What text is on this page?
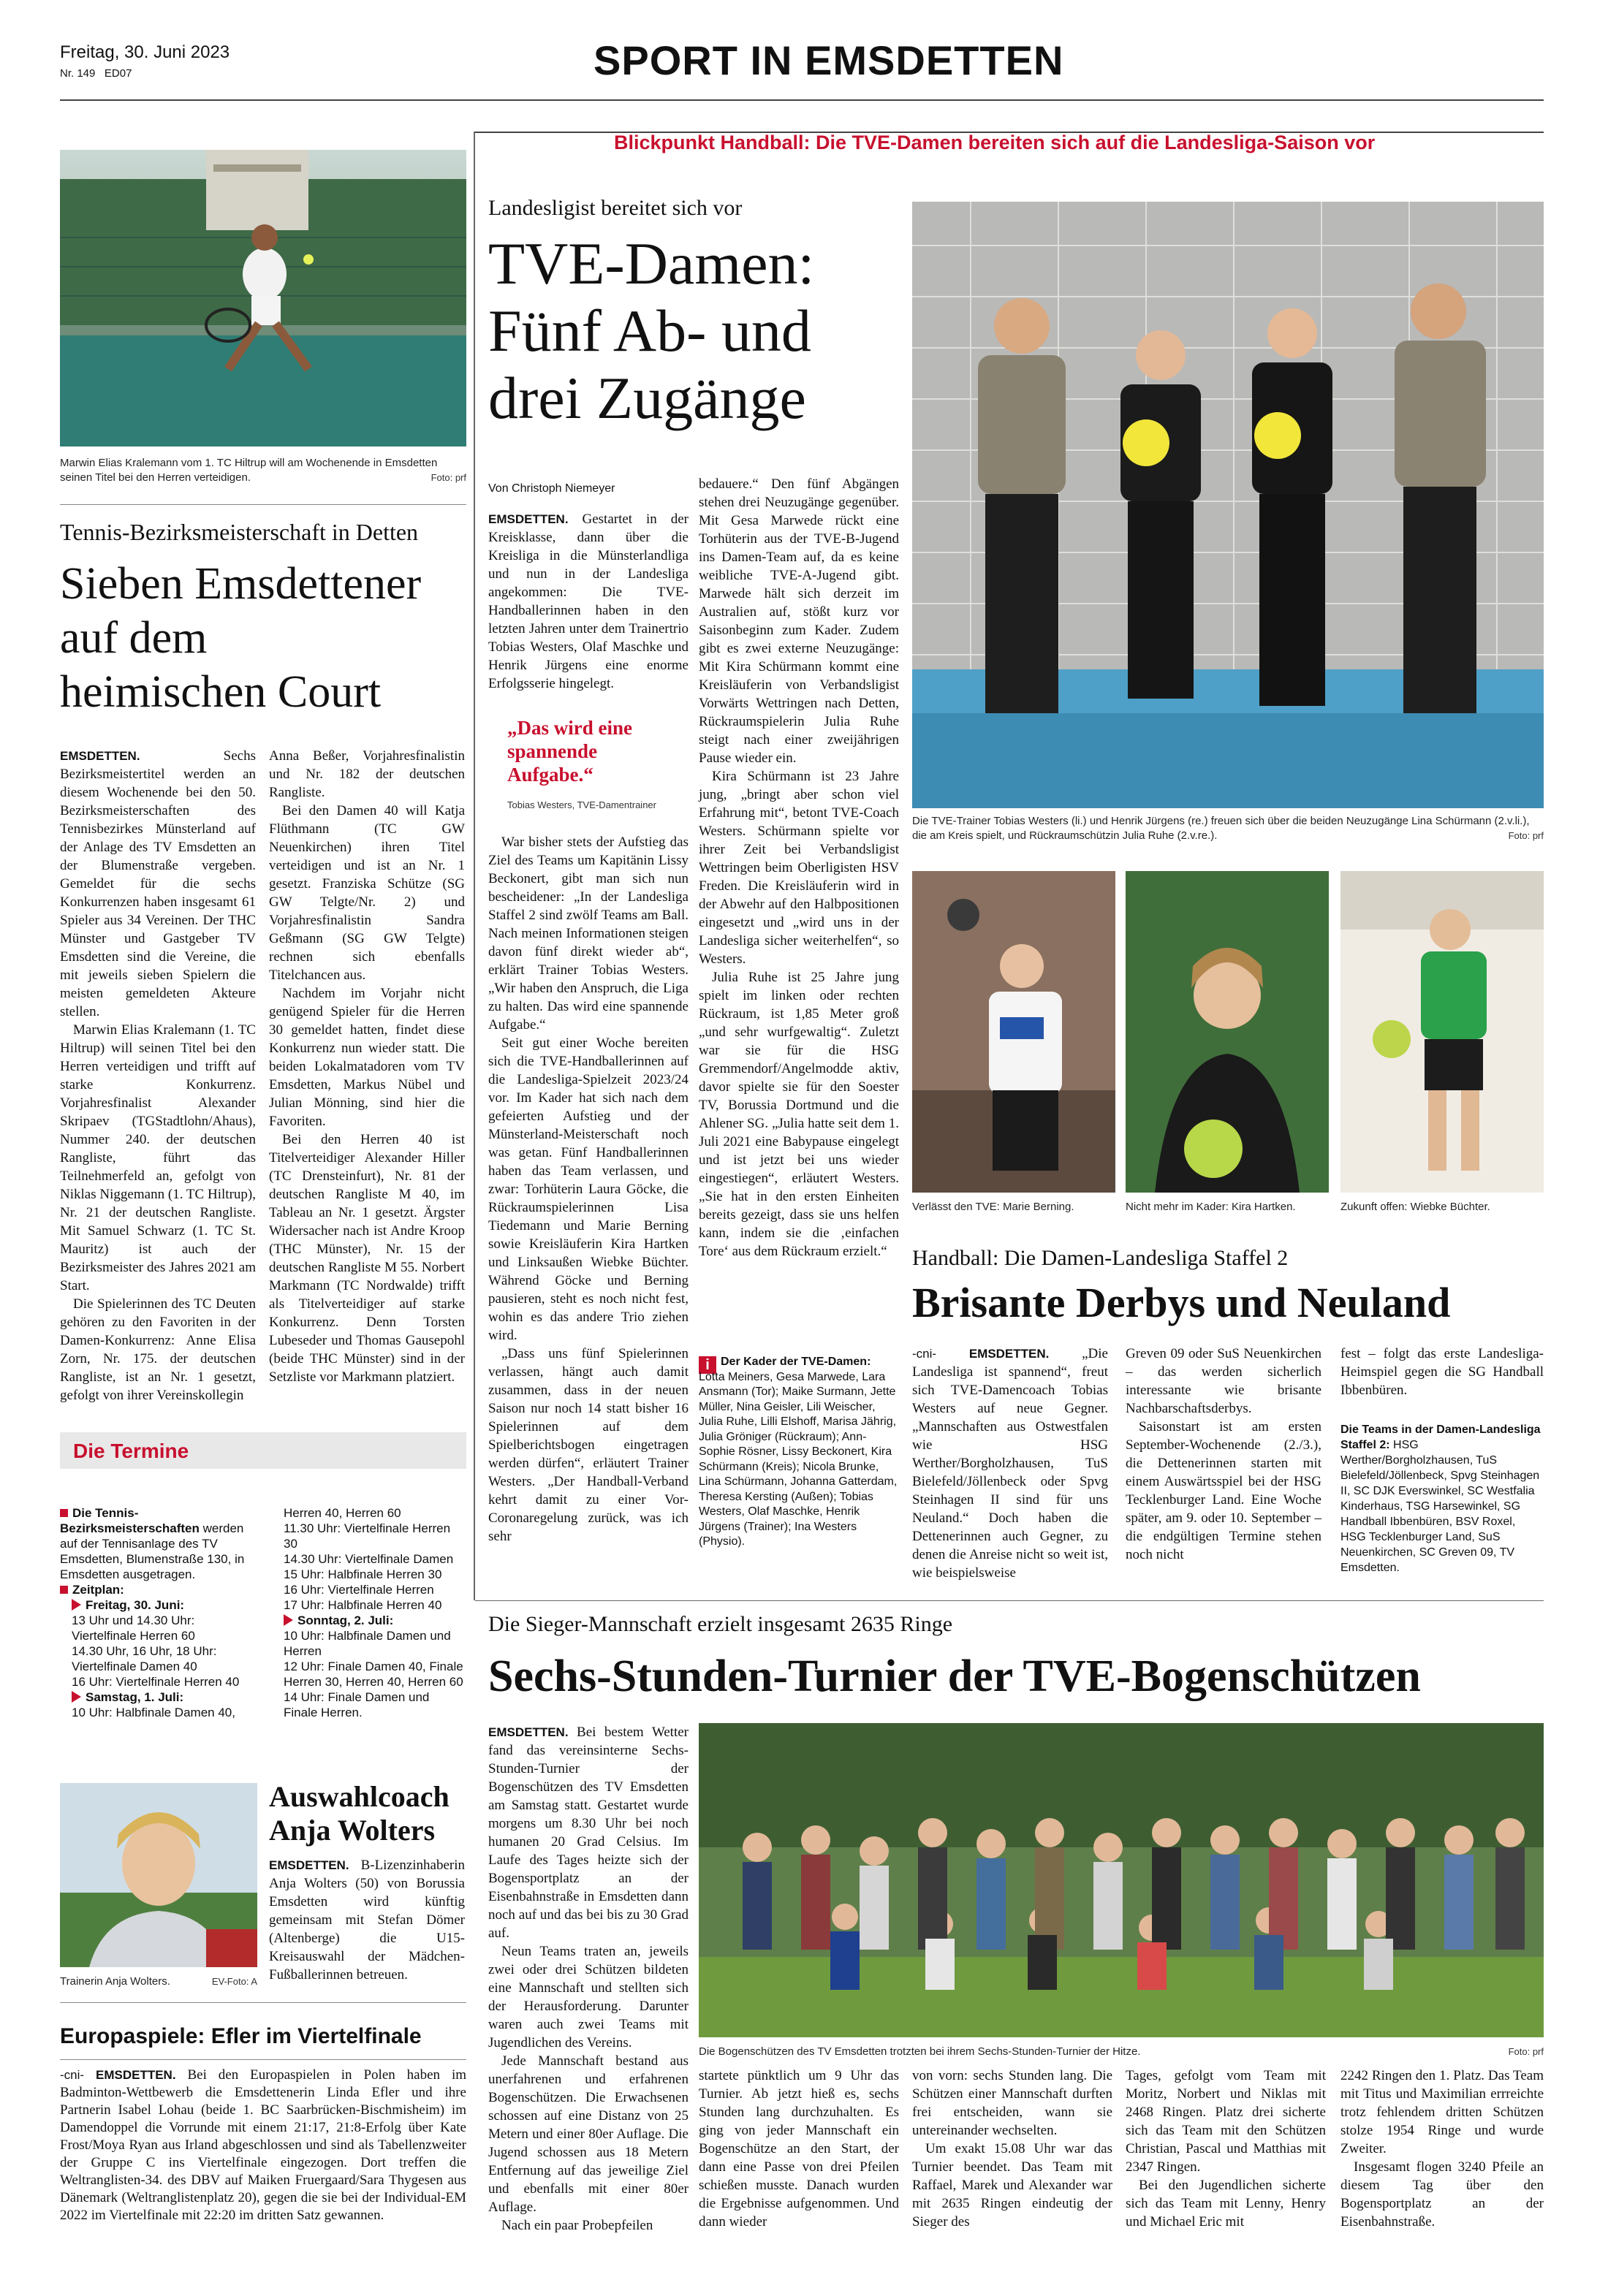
Freitag, 30. Juni 2023
Nr. 149 ED07	SPORT IN EMSDETTEN
Marwin Elias Kralemann vom 1. TC Hiltrup will am Wochenende in Emsdetten seinen Titel bei den Herren verteidigen.	Foto: prf
Tennis-Bezirksmeisterschaft in Detten
Sieben Emsdettener
auf dem
heimischen Court

EMSDETTEN.	Sechs Bezirksmeistertitel werden an diesem Wochenende bei den 50. Bezirksmeisterschaften des Tennisbezirkes Münsterland auf der Anlage des TV Emsdetten an der Blumenstraße vergeben. Gemeldet für die sechs Konkurrenzen haben insgesamt 61 Spieler aus 34 Vereinen. Der THC Münster und Gastgeber TV Emsdetten sind die Vereine, die mit jeweils sieben Spielern die meisten gemeldeten Akteure stellen.

Marwin Elias Kralemann (1. TC Hiltrup) will seinen Titel bei den Herren verteidigen und trifft auf starke Konkurrenz. Vorjahresfinalist Alexander Skripaev (TGStadtlohn/Ahaus), Nummer 240. der deutschen Rangliste, führt das Teilnehmerfeld an, gefolgt von Niklas Niggemann (1. TC Hiltrup), Nr. 21 der deutschen Rangliste. Mit Samuel Schwarz (1. TC St. Mauritz) ist auch der Bezirksmeister des Jahres 2021 am Start.

Die Spielerinnen des TC Deuten gehören zu den Favoriten in der Damen-Konkurrenz: Anne Elisa Zorn, Nr. 175. der deutschen Rangliste, ist an Nr. 1 gesetzt, gefolgt von ihrer Vereinskollegin

Anna Beßer, Vorjahresfinalistin und Nr. 182 der deutschen Rangliste.

Bei den Damen 40 will Katja Flüthmann (TC GW Neuenkirchen) ihren Titel verteidigen und ist an Nr. 1 gesetzt. Franziska Schütze (SG GW Telgte/Nr. 2) und Vorjahresfinalistin Sandra Geßmann (SG GW Telgte) rechnen sich ebenfalls Titelchancen aus.

Nachdem im Vorjahr nicht genügend Spieler für die Herren 30 gemeldet hatten, findet diese Konkurrenz nun wieder statt. Die beiden Lokalmatadoren vom TV Emsdetten, Markus Nübel und Julian Mönning, sind hier die Favoriten.

Bei den Herren 40 ist Titelverteidiger Alexander Hiller (TC Drensteinfurt), Nr. 81 der deutschen Rangliste M 40, im Tableau an Nr. 1 gesetzt. Ärgster Widersacher nach ist Andre Kroop (THC Münster), Nr. 15 der deutschen Rangliste M 55. Norbert Markmann (TC Nordwalde) trifft als Titelverteidiger auf starke Konkurrenz. Denn Torsten Lubeseder und Thomas Gausepohl (beide THC Münster) sind in der Setzliste vor Markmann platziert.

Die Termine
Die Tennis-Bezirksmeisterschaften werden auf der Tennisanlage des TV Emsdetten, Blumenstraße 130, in Emsdetten ausgetragen.
Zeitplan:
Freitag, 30. Juni:
13 Uhr und 14.30 Uhr: Viertelfinale Herren 60
14.30 Uhr, 16 Uhr, 18 Uhr: Viertelfinale Damen 40
16 Uhr: Viertelfinale Herren 40
Samstag, 1. Juli:
10 Uhr: Halbfinale Damen 40,
Herren 40, Herren 60
11.30 Uhr: Viertelfinale Herren 30
14.30 Uhr: Viertelfinale Damen
15 Uhr: Halbfinale Herren 30
16 Uhr: Viertelfinale Herren
17 Uhr: Halbfinale Herren 40
Sonntag, 2. Juli:
10 Uhr: Halbfinale Damen und Herren
12 Uhr: Finale Damen 40, Finale Herren 30, Herren 40, Herren 60
14 Uhr: Finale Damen und Finale Herren.
Trainerin Anja Wolters.	EV-Foto: A
Auswahlcoach
Anja Wolters

EMSDETTEN. B-Lizenzinhaberin Anja Wolters (50) von Borussia Emsdetten wird künftig gemeinsam mit Stefan Dömer (Altenberge) die U15-Kreisauswahl der Mädchen-Fußballerinnen betreuen.

Europaspiele: Efler im Viertelfinale

-cni- EMSDETTEN. Bei den Europaspielen in Polen haben im Badminton-Wettbewerb die Emsdettenerin Linda Efler und ihre Partnerin Isabel Lohau (beide 1. BC Saarbrücken-Bischmisheim) im Damendoppel die Vorrunde mit einem 21:17, 21:8-Erfolg über Kate Frost/Moya Ryan aus Irland abgeschlossen und sind als Tabellenzweiter der Gruppe C ins Viertelfinale eingezogen. Dort treffen die Weltranglisten-34. des DBV auf Maiken Fruergaard/Sara Thygesen aus Dänemark (Weltranglistenplatz 20), gegen die sie bei der Individual-EM 2022 im Viertelfinale mit 22:20 im dritten Satz gewannen.

Blickpunkt Handball: Die TVE-Damen bereiten sich auf die Landesliga-Saison vor
Landesligist bereitet sich vor
TVE-Damen:
Fünf Ab- und
drei Zugänge
Von Christoph Niemeyer

EMSDETTEN. Gestartet in der Kreisklasse, dann über die Kreisliga in die Münsterlandliga und nun in der Landesliga angekommen: Die TVE-Handballerinnen haben in den letzten Jahren unter dem Trainertrio Tobias Westers, Olaf Maschke und Henrik Jürgens eine enorme Erfolgsserie hingelegt.

„Das wird eine spannende Aufgabe.“
Tobias Westers, TVE-Damentrainer

War bisher stets der Aufstieg das Ziel des Teams um Kapitänin Lissy Beckonert, gibt man sich nun bescheidener: „In der Landesliga Staffel 2 sind zwölf Teams am Ball. Nach meinen Informationen steigen davon fünf direkt wieder ab“, erklärt Trainer Tobias Westers. „Wir haben den Anspruch, die Liga zu halten. Das wird eine spannende Aufgabe.“

Seit gut einer Woche bereiten sich die TVE-Handballerinnen auf die Landesliga-Spielzeit 2023/24 vor. Im Kader hat sich nach dem gefeierten Aufstieg und der Münsterland-Meisterschaft noch was getan. Fünf Handballerinnen haben das Team verlassen, und zwar: Torhüterin Laura Göcke, die Rückraumspielerinnen Lisa Tiedemann und Marie Berning sowie Kreisläuferin Kira Hartken und Linksaußen Wiebke Büchter. Während Göcke und Berning pausieren, steht es noch nicht fest, wohin es das andere Trio ziehen wird.

„Dass uns fünf Spielerinnen verlassen, hängt auch damit zusammen, dass in der neuen Saison nur noch 14 statt bisher 16 Spielerinnen auf dem Spielberichtsbogen eingetragen werden dürfen“, erläutert Trainer Westers. „Der Handball-Verband kehrt damit zu einer Vor-Coronaregelung zurück, was ich sehr

bedauere.“ Den fünf Abgängen stehen drei Neuzugänge gegenüber. Mit Gesa Marwede rückt eine Torhüterin aus der TVE-B-Jugend ins Damen-Team auf, da es keine weibliche TVE-A-Jugend gibt. Marwede hält sich derzeit im Australien auf, stößt kurz vor Saisonbeginn zum Kader. Zudem gibt es zwei externe Neuzugänge: Mit Kira Schürmann kommt eine Kreisläuferin von Verbandsligist Vorwärts Wettringen nach Detten, Rückraumspielerin Julia Ruhe steigt nach einer zweijährigen Pause wieder ein.

Kira Schürmann ist 23 Jahre jung, „bringt aber schon viel Erfahrung mit“, betont TVE-Coach Westers. Schürmann spielte vor ihrer Zeit bei Verbandsligist Wettringen beim Oberligisten HSV Freden. Die Kreisläuferin wird in der Abwehr auf den Halbpositionen eingesetzt und „wird uns in der Landesliga sicher weiterhelfen“, so Westers.

Julia Ruhe ist 25 Jahre jung spielt im linken oder rechten Rückraum, ist 1,85 Meter groß „und sehr wurfgewaltig“. Zuletzt war sie für die HSG Gremmendorf/Angelmodde aktiv, davor spielte sie für den Soester TV, Borussia Dortmund und die Ahlener SG. „Julia hatte seit dem 1. Juli 2021 eine Babypause eingelegt und ist jetzt bei uns wieder eingestiegen“, erläutert Westers. „Sie hat in den ersten Einheiten bereits gezeigt, dass sie uns helfen kann, indem sie die ‚einfachen Tore‘ aus dem Rückraum erzielt.“

i Der Kader der TVE-Damen: Lotta Meiners, Gesa Marwede, Lara Ansmann (Tor); Maike Surmann, Jette Müller, Nina Geisler, Lili Weischer, Julia Ruhe, Lilli Elshoff, Marisa Jährig, Julia Gröniger (Rückraum); Ann-Sophie Rösner, Lissy Beckonert, Kira Schürmann (Kreis); Nicola Brunke, Lina Schürmann, Johanna Gatterdam, Theresa Kersting (Außen); Tobias Westers, Olaf Maschke, Henrik Jürgens (Trainer); Ina Westers (Physio).
Die TVE-Trainer Tobias Westers (li.) und Henrik Jürgens (re.) freuen sich über die beiden Neuzugänge Lina Schürmann (2.v.li.), die am Kreis spielt, und Rückraumschützin Julia Ruhe (2.v.re.).	Foto: prf
Verlässt den TVE: Marie Berning.	Nicht mehr im Kader: Kira Hartken.	Zukunft offen: Wiebke Büchter.
Handball: Die Damen-Landesliga Staffel 2
Brisante Derbys und Neuland

-cni-	EMSDETTEN. „Die Landesliga ist spannend“, freut sich TVE-Damencoach Tobias Westers auf neue Gegner. „Mannschaften aus Ostwestfalen wie HSG Werther/Borgholzhausen, TuS Bielefeld/Jöllenbeck oder Spvg Steinhagen II sind für uns Neuland.“ Doch haben die Dettenerinnen auch Gegner, zu denen die Anreise nicht so weit ist, wie beispielsweise

Greven 09 oder SuS Neuenkirchen – das werden sicherlich interessante wie brisante Nachbarschaftsderbys.

Saisonstart ist am ersten September-Wochenende (2./3.), die Dettenerinnen starten mit einem Auswärtsspiel bei der HSG Tecklenburger Land. Eine Woche später, am 9. oder 10. September – die endgültigen Termine stehen noch nicht

fest – folgt das erste Landesliga-Heimspiel gegen die SG Handball Ibbenbüren.

Die Teams in der Damen-Landesliga Staffel 2: HSG Werther/Borgholzhausen, TuS Bielefeld/Jöllenbeck, Spvg Steinhagen II, SC DJK Everswinkel, SC Westfalia Kinderhaus, TSG Harsewinkel, SG Handball Ibbenbüren, BSV Roxel, HSG Tecklenburger Land, SuS Neuenkirchen, SC Greven 09, TV Emsdetten.
Die Sieger-Mannschaft erzielt insgesamt 2635 Ringe
Sechs-Stunden-Turnier der TVE-Bogenschützen

EMSDETTEN. Bei bestem Wetter fand das vereinsinterne Sechs-Stunden-Turnier der Bogenschützen des TV Emsdetten am Samstag statt. Gestartet wurde morgens um 8.30 Uhr bei noch humanen 20 Grad Celsius. Im Laufe des Tages heizte sich der Bogensportplatz an der Eisenbahnstraße in Emsdetten dann noch auf und das bei bis zu 30 Grad auf.

Neun Teams traten an, jeweils zwei oder drei Schützen bildeten eine Mannschaft und stellten sich der Herausforderung. Darunter waren auch zwei Teams mit Jugendlichen des Vereins.

Jede Mannschaft bestand aus unerfahrenen und erfahrenen Bogenschützen. Die Erwachsenen schossen auf eine Distanz von 25 Metern und einer 80er Auflage. Die Jugend schossen aus 18 Metern Entfernung auf das jeweilige Ziel und ebenfalls mit einer 80er Auflage.

Nach ein paar Probepfeilen

Die Bogenschützen des TV Emsdetten trotzten bei ihrem Sechs-Stunden-Turnier der Hitze.	Foto: prf

startete pünktlich um 9 Uhr das Turnier. Ab jetzt hieß es, sechs Stunden lang durchzuhalten. Es ging von jeder Mannschaft ein Bogenschütze an den Start, der dann eine Passe von drei Pfeilen schießen musste. Danach wurden die Ergebnisse aufgenommen. Und dann wieder

von vorn: sechs Stunden lang. Die Schützen einer Mannschaft durften frei entscheiden, wann sie untereinander wechselten.

Um exakt 15.08 Uhr war das Turnier beendet. Das Team mit Raffael, Marek und Alexander war mit 2635 Ringen eindeutig der Sieger des

Tages, gefolgt vom Team mit Moritz, Norbert und Niklas mit 2468 Ringen. Platz drei sicherte sich das Team mit den Schützen Christian, Pascal und Matthias mit 2347 Ringen.

Bei den Jugendlichen sicherte sich das Team mit Lenny, Henry und Michael Eric mit

2242 Ringen den 1. Platz. Das Team mit Titus und Maximilian errreichte trotz fehlendem dritten Schützen stolze 1954 Ringe und wurde Zweiter.

Insgesamt flogen 3240 Pfeile an diesem Tag über den Bogensportplatz an der Eisenbahnstraße.
